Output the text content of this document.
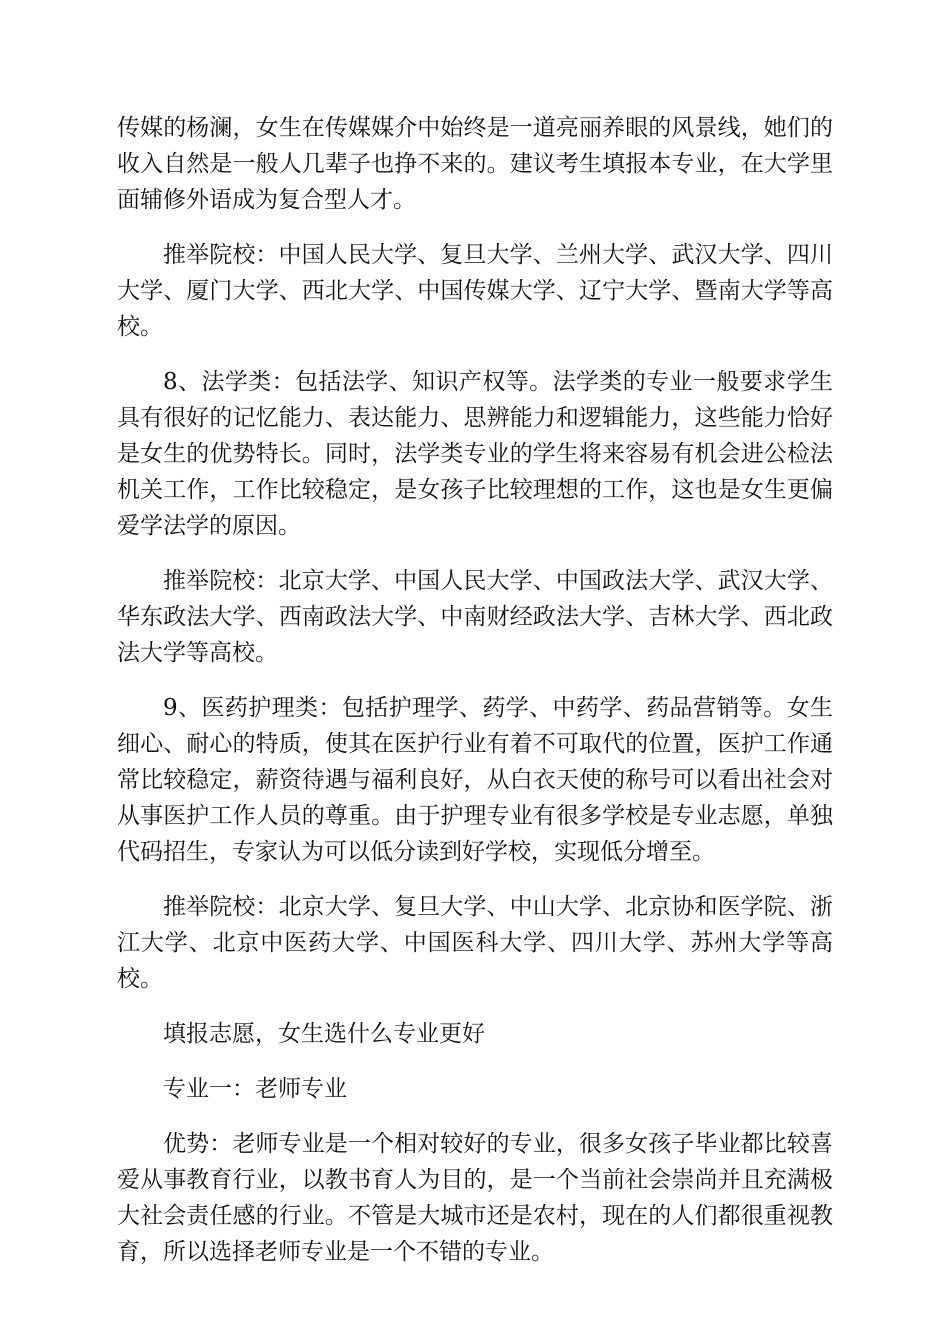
传媒的杨澜，女生在传媒媒介中始终是一道亮丽养眼的风景线，她们的收入自然是一般人几辈子也挣不来的。建议考生填报本专业，在大学里面辅修外语成为复合型人才。

推举院校：中国人民大学、复旦大学、兰州大学、武汉大学、四川大学、厦门大学、西北大学、中国传媒大学、辽宁大学、暨南大学等高校。

8、法学类：包括法学、知识产权等。法学类的专业一般要求学生具有很好的记忆能力、表达能力、思辨能力和逻辑能力，这些能力恰好是女生的优势特长。同时，法学类专业的学生将来容易有机会进公检法机关工作，工作比较稳定，是女孩子比较理想的工作，这也是女生更偏爱学法学的原因。

推举院校：北京大学、中国人民大学、中国政法大学、武汉大学、华东政法大学、西南政法大学、中南财经政法大学、吉林大学、西北政法大学等高校。

9、医药护理类：包括护理学、药学、中药学、药品营销等。女生细心、耐心的特质，使其在医护行业有着不可取代的位置，医护工作通常比较稳定，薪资待遇与福利良好，从白衣天使的称号可以看出社会对从事医护工作人员的尊重。由于护理专业有很多学校是专业志愿，单独代码招生，专家认为可以低分读到好学校，实现低分增至。

推举院校：北京大学、复旦大学、中山大学、北京协和医学院、浙江大学、北京中医药大学、中国医科大学、四川大学、苏州大学等高校。

填报志愿，女生选什么专业更好

专业一：老师专业

优势：老师专业是一个相对较好的专业，很多女孩子毕业都比较喜爱从事教育行业，以教书育人为目的，是一个当前社会崇尚并且充满极大社会责任感的行业。不管是大城市还是农村，现在的人们都很重视教育，所以选择老师专业是一个不错的专业。
